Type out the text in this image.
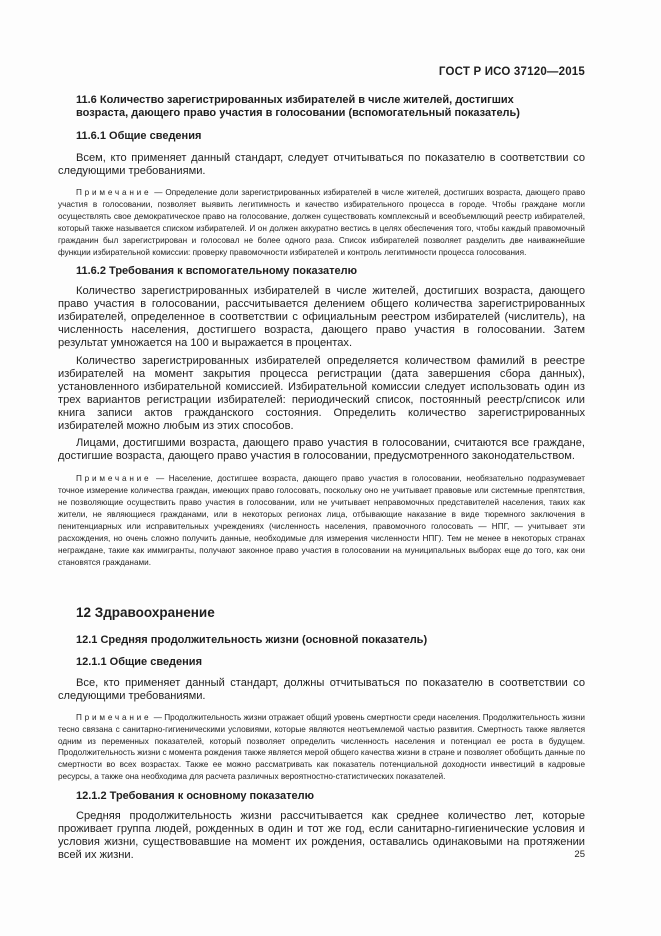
ГОСТ Р ИСО 37120—2015
11.6 Количество зарегистрированных избирателей в числе жителей, достигших возраста, дающего право участия в голосовании (вспомогательный показатель)
11.6.1 Общие сведения

Всем, кто применяет данный стандарт, следует отчитываться по показателю в соответствии со следующими требованиями.

Примечание — Определение доли зарегистрированных избирателей в числе жителей, достигших возраста, дающего право участия в голосовании, позволяет выявить легитимность и качество избирательного процесса в городе. Чтобы граждане могли осуществлять свое демократическое право на голосование, должен существовать комплексный и всеобъемлющий реестр избирателей, который также называется списком избирателей. И он должен аккуратно вестись в целях обеспечения того, чтобы каждый правомочный гражданин был зарегистрирован и голосовал не более одного раза. Список избирателей позволяет разделить две наиважнейшие функции избирательной комиссии: проверку правомочности избирателей и контроль легитимности процесса голосования.

11.6.2 Требования к вспомогательному показателю

Количество зарегистрированных избирателей в числе жителей, достигших возраста, дающего право участия в голосовании, рассчитывается делением общего количества зарегистрированных избирателей, определенное в соответствии с официальным реестром избирателей (числитель), на численность населения, достигшего возраста, дающего право участия в голосовании. Затем результат умножается на 100 и выражается в процентах.

Количество зарегистрированных избирателей определяется количеством фамилий в реестре избирателей на момент закрытия процесса регистрации (дата завершения сбора данных), установленного избирательной комиссией. Избирательной комиссии следует использовать один из трех вариантов регистрации избирателей: периодический список, постоянный реестр/список или книга записи актов гражданского состояния. Определить количество зарегистрированных избирателей можно любым из этих способов.

Лицами, достигшими возраста, дающего право участия в голосовании, считаются все граждане, достигшие возраста, дающего право участия в голосовании, предусмотренного законодательством.

Примечание — Население, достигшее возраста, дающего право участия в голосовании, необязательно подразумевает точное измерение количества граждан, имеющих право голосовать, поскольку оно не учитывает правовые или системные препятствия, не позволяющие осуществить право участия в голосовании, или не учитывает неправомочных представителей населения, таких как жители, не являющиеся гражданами, или в некоторых регионах лица, отбывающие наказание в виде тюремного заключения в пенитенциарных или исправительных учреждениях (численность населения, правомочного голосовать — НПГ, — учитывает эти расхождения, но очень сложно получить данные, необходимые для измерения численности НПГ). Тем не менее в некоторых странах неграждане, такие как иммигранты, получают законное право участия в голосовании на муниципальных выборах еще до того, как они становятся гражданами.

12 Здравоохранение
12.1 Средняя продолжительность жизни (основной показатель)
12.1.1 Общие сведения

Все, кто применяет данный стандарт, должны отчитываться по показателю в соответствии со следующими требованиями.

Примечание — Продолжительность жизни отражает общий уровень смертности среди населения. Продолжительность жизни тесно связана с санитарно-гигиеническими условиями, которые являются неотъемлемой частью развития. Смертность также является одним из переменных показателей, который позволяет определить численность населения и потенциал ее роста в будущем. Продолжительность жизни с момента рождения также является мерой общего качества жизни в стране и позволяет обобщить данные по смертности во всех возрастах. Также ее можно рассматривать как показатель потенциальной доходности инвестиций в кадровые ресурсы, а также она необходима для расчета различных вероятностно-статистических показателей.

12.1.2 Требования к основному показателю

Средняя продолжительность жизни рассчитывается как среднее количество лет, которые проживает группа людей, рожденных в один и тот же год, если санитарно-гигиенические условия и условия жизни, существовавшие на момент их рождения, оставались одинаковыми на протяжении всей их жизни.	25
